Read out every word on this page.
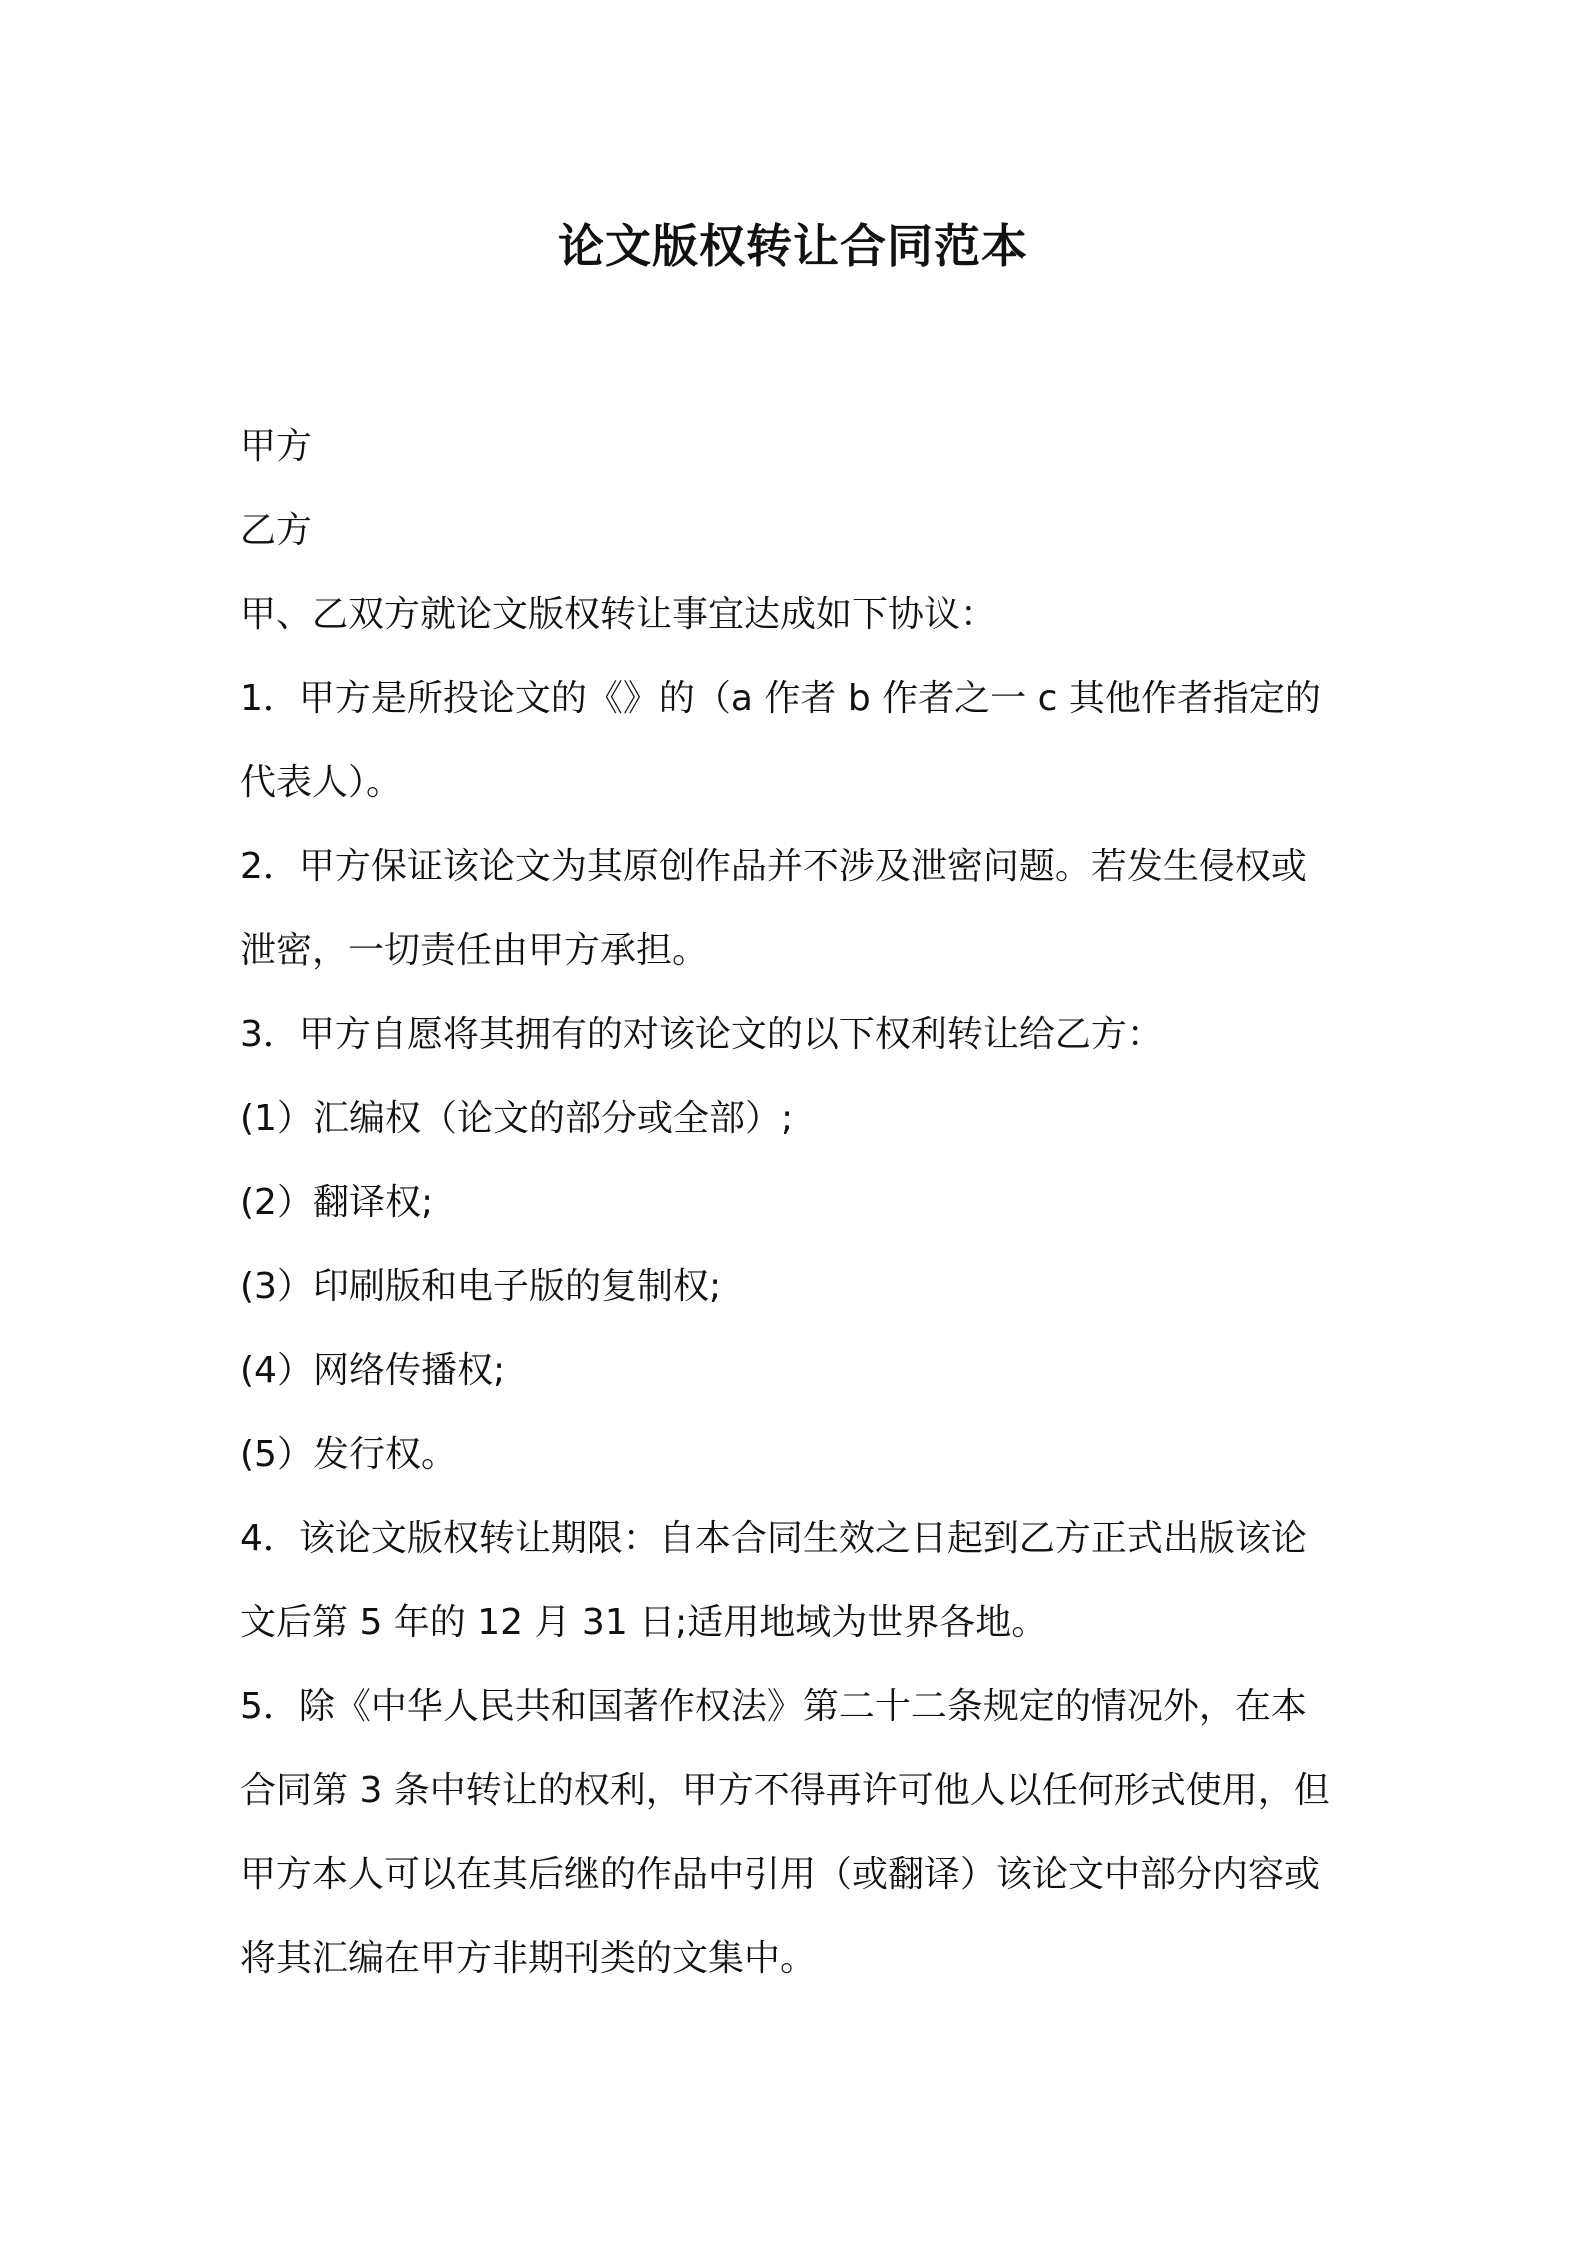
论文版权转让合同范本

甲方

乙方

甲、乙双方就论文版权转让事宜达成如下协议：

1．甲方是所投论文的《》的（a 作者 b 作者之一 c 其他作者指定的

代表人）。

2．甲方保证该论文为其原创作品并不涉及泄密问题。若发生侵权或

泄密，一切责任由甲方承担。

3．甲方自愿将其拥有的对该论文的以下权利转让给乙方：

(1）汇编权（论文的部分或全部）;

(2）翻译权;

(3）印刷版和电子版的复制权;

(4）网络传播权;

(5）发行权。

4．该论文版权转让期限：自本合同生效之日起到乙方正式出版该论

文后第 5 年的 12 月 31 日;适用地域为世界各地。

5．除《中华人民共和国著作权法》第二十二条规定的情况外，在本

合同第 3 条中转让的权利，甲方不得再许可他人以任何形式使用，但

甲方本人可以在其后继的作品中引用（或翻译）该论文中部分内容或

将其汇编在甲方非期刊类的文集中。
